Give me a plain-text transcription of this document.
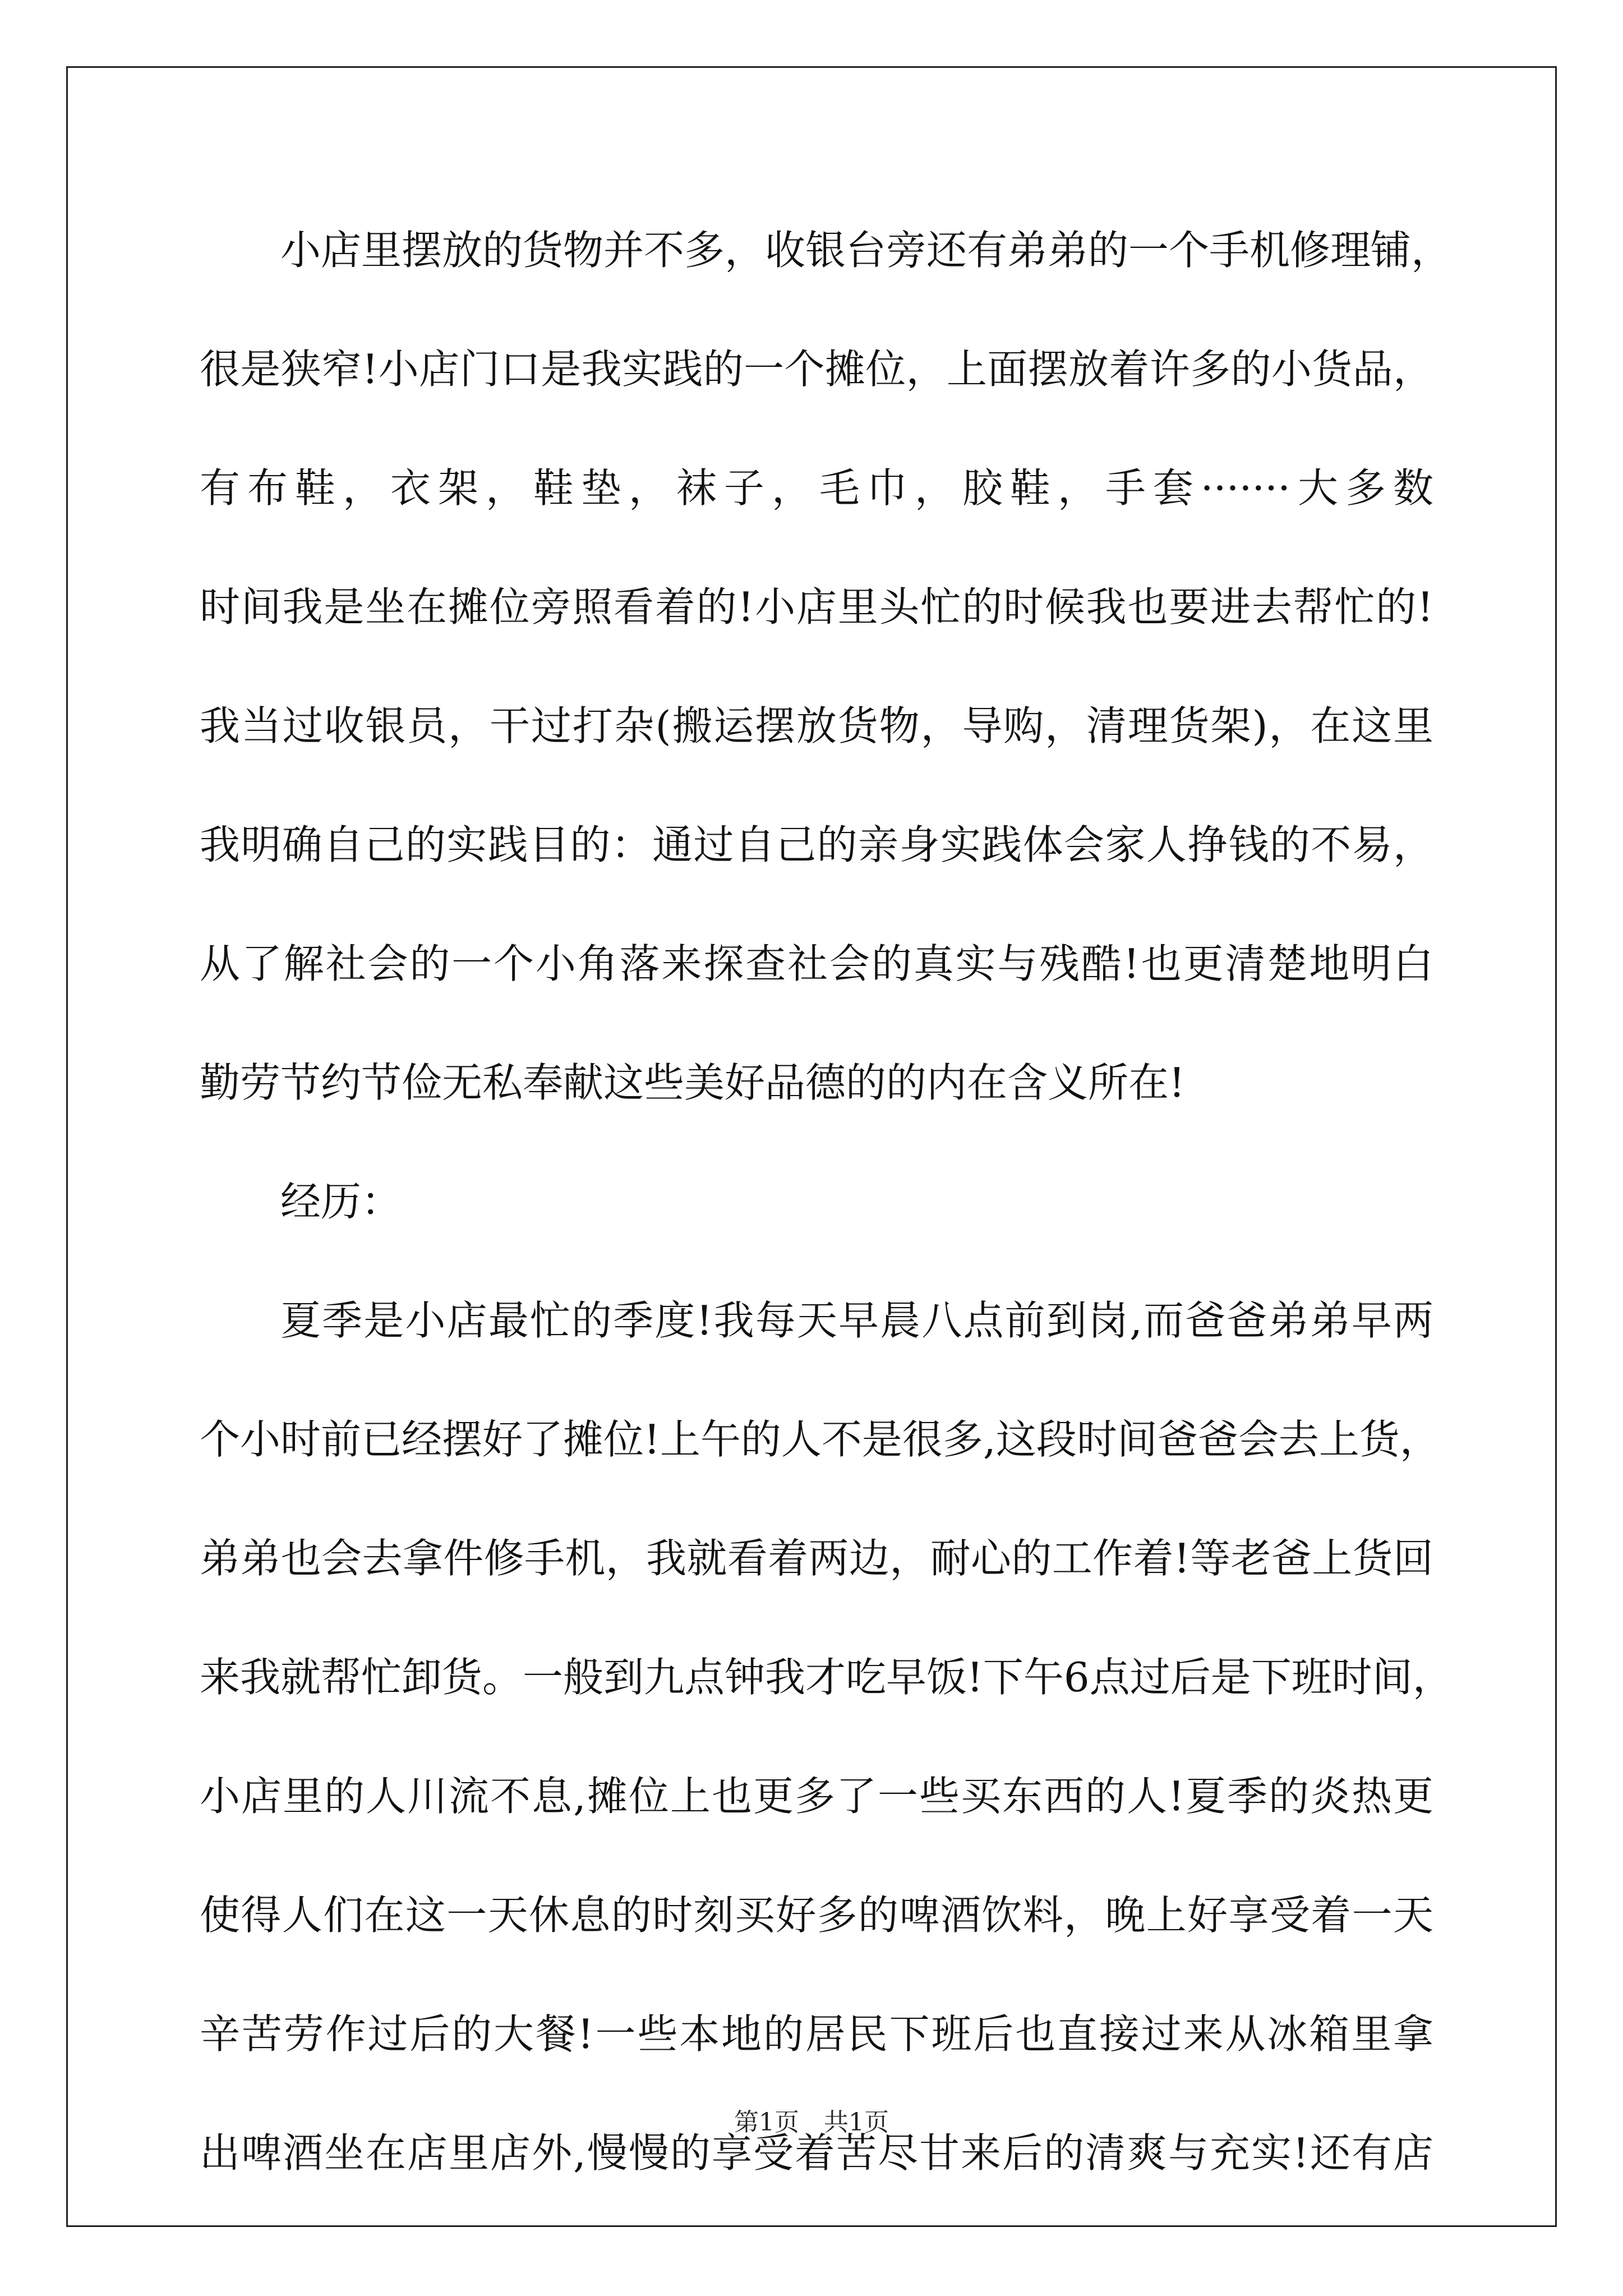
小店里摆放的货物并不多，收银台旁还有弟弟的一个手机修理铺，
很是狭窄!小店门口是我实践的一个摊位，上面摆放着许多的小货品，
有布鞋，衣架，鞋垫，袜子，毛巾，胶鞋，手套·······大多数
时间我是坐在摊位旁照看着的!小店里头忙的时候我也要进去帮忙的!
我当过收银员，干过打杂(搬运摆放货物，导购，清理货架)，在这里
我明确自己的实践目的：通过自己的亲身实践体会家人挣钱的不易，
从了解社会的一个小角落来探查社会的真实与残酷!也更清楚地明白
勤劳节约节俭无私奉献这些美好品德的的内在含义所在!
经历：
夏季是小店最忙的季度!我每天早晨八点前到岗,而爸爸弟弟早两
个小时前已经摆好了摊位!上午的人不是很多,这段时间爸爸会去上货，
弟弟也会去拿件修手机，我就看着两边，耐心的工作着!等老爸上货回
来我就帮忙卸货。一般到九点钟我才吃早饭!下午6点过后是下班时间，
小店里的人川流不息,摊位上也更多了一些买东西的人!夏季的炎热更
使得人们在这一天休息的时刻买好多的啤酒饮料，晚上好享受着一天
辛苦劳作过后的大餐!一些本地的居民下班后也直接过来从冰箱里拿
出啤酒坐在店里店外,慢慢的享受着苦尽甘来后的清爽与充实!还有店
第1页　共1页
